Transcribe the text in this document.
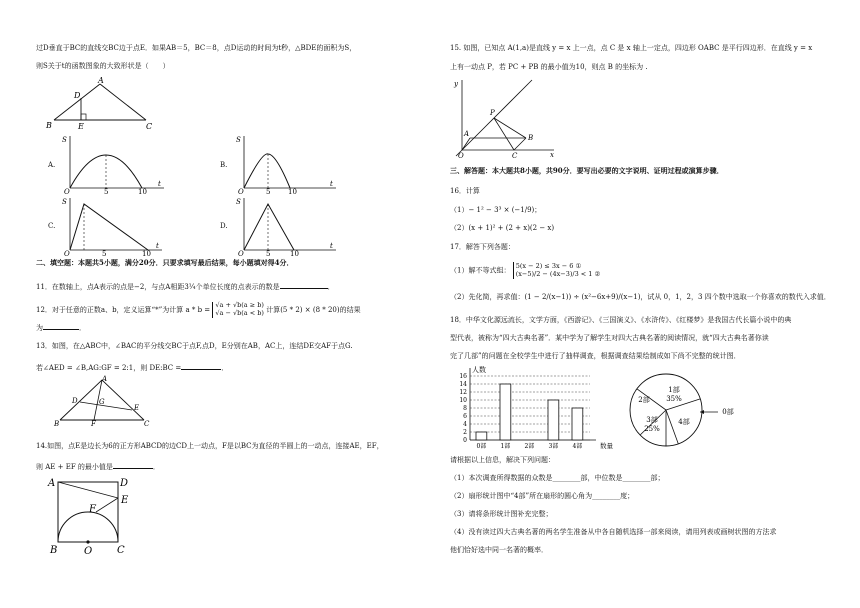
过D垂直于BC的直线交BC边于点E．如果AB＝5，BC＝8，点D运动的时间为t秒，△BDE的面积为S，
则S关于t的函数图象的大致形状是（　　）
A
D
B	E	C
A.
S
t
O	5	10
B.
S
t
O	5	10
C.
S
t
O	5	10
D.
S
t
O	5	10
二、填空题：本题共5小题，满分20分．只要求填写最后结果，每小题填对得4分．
11．在数轴上，点A表示的点是−2，与点A相距3¼个单位长度的点表示的数是	．
12．对于任意的正数a、b，定义运算“*”为计算 a * b = √a + √b(a ≥ b)
√a − √b(a < b) 计算(5 * 2) × (8 * 20)的结果
为	．
13．如图，在△ABC中，∠BAC的平分线交BC于点F,点D，E分别在AB，AC上，连结DE交AF于点G.
若∠AED = ∠B,AG:GF = 2:1，则 DE:BC =	．
A
D	G
E
B	F	C
14.如图，点E是边长为6的正方形ABCD的边CD上一动点，F是以BC为直径的半圆上的一动点，连接AE，EF，
则 AE + EF 的最小值是	．
A	D
E
F
B	O C
15. 如图，已知点 A(1,a)是直线 y = x 上一点，点 C 是 x 轴上一定点，四边形 OABC 是平行四边形．在直线 y = x
上有一动点 P，若 PC + PB 的最小值为10，则点 B 的坐标为 .
y
P
A	B
O	C	x
三、解答题：本大题共8小题，共90分．要写出必要的文字说明、证明过程或演算步骤．
16．计算
（1）− 1² − 3³ × (−1/9)；
（2）(x + 1)² + (2 + x)(2 − x)
17．解答下列各题：
（1）解不等式组： 5(x − 2) ≤ 3x − 6 ①
(x−5)/2 − (4x−3)/3 < 1 ②
（2）先化简，再求值：(1 − 2/(x−1)) ÷ (x²−6x+9)/(x−1)，试从 0，1，2，3 四个数中选取一个你喜欢的数代入求值．
18．中华文化源远流长，文学方面，《西游记》、《三国演义》、《水浒传》、《红楼梦》是我国古代长篇小说中的典
型代表，被称为“四大古典名著”．某中学为了解学生对四大古典名著的阅读情况，就“四大古典名著你读
完了几部”的问题在全校学生中进行了抽样调查，根据调查结果绘制成如下尚不完整的统计图．
人数
0
2
4
6
8
10
12
14
16
0部 1部 2部 3部 4部	数量
1部
35%
2部
3部
25%
4部
0部
请根据以上信息，解决下列问题：
（1）本次调查所得数据的众数是________部，中位数是________部；
（2）扇形统计图中“4部”所在扇形的圆心角为________度；
（3）请将条形统计图补充完整；
（4）没有读过四大古典名著的两名学生准备从中各自随机选择一部来阅读，请用列表或画树状图的方法求
他们恰好选中同一名著的概率．
